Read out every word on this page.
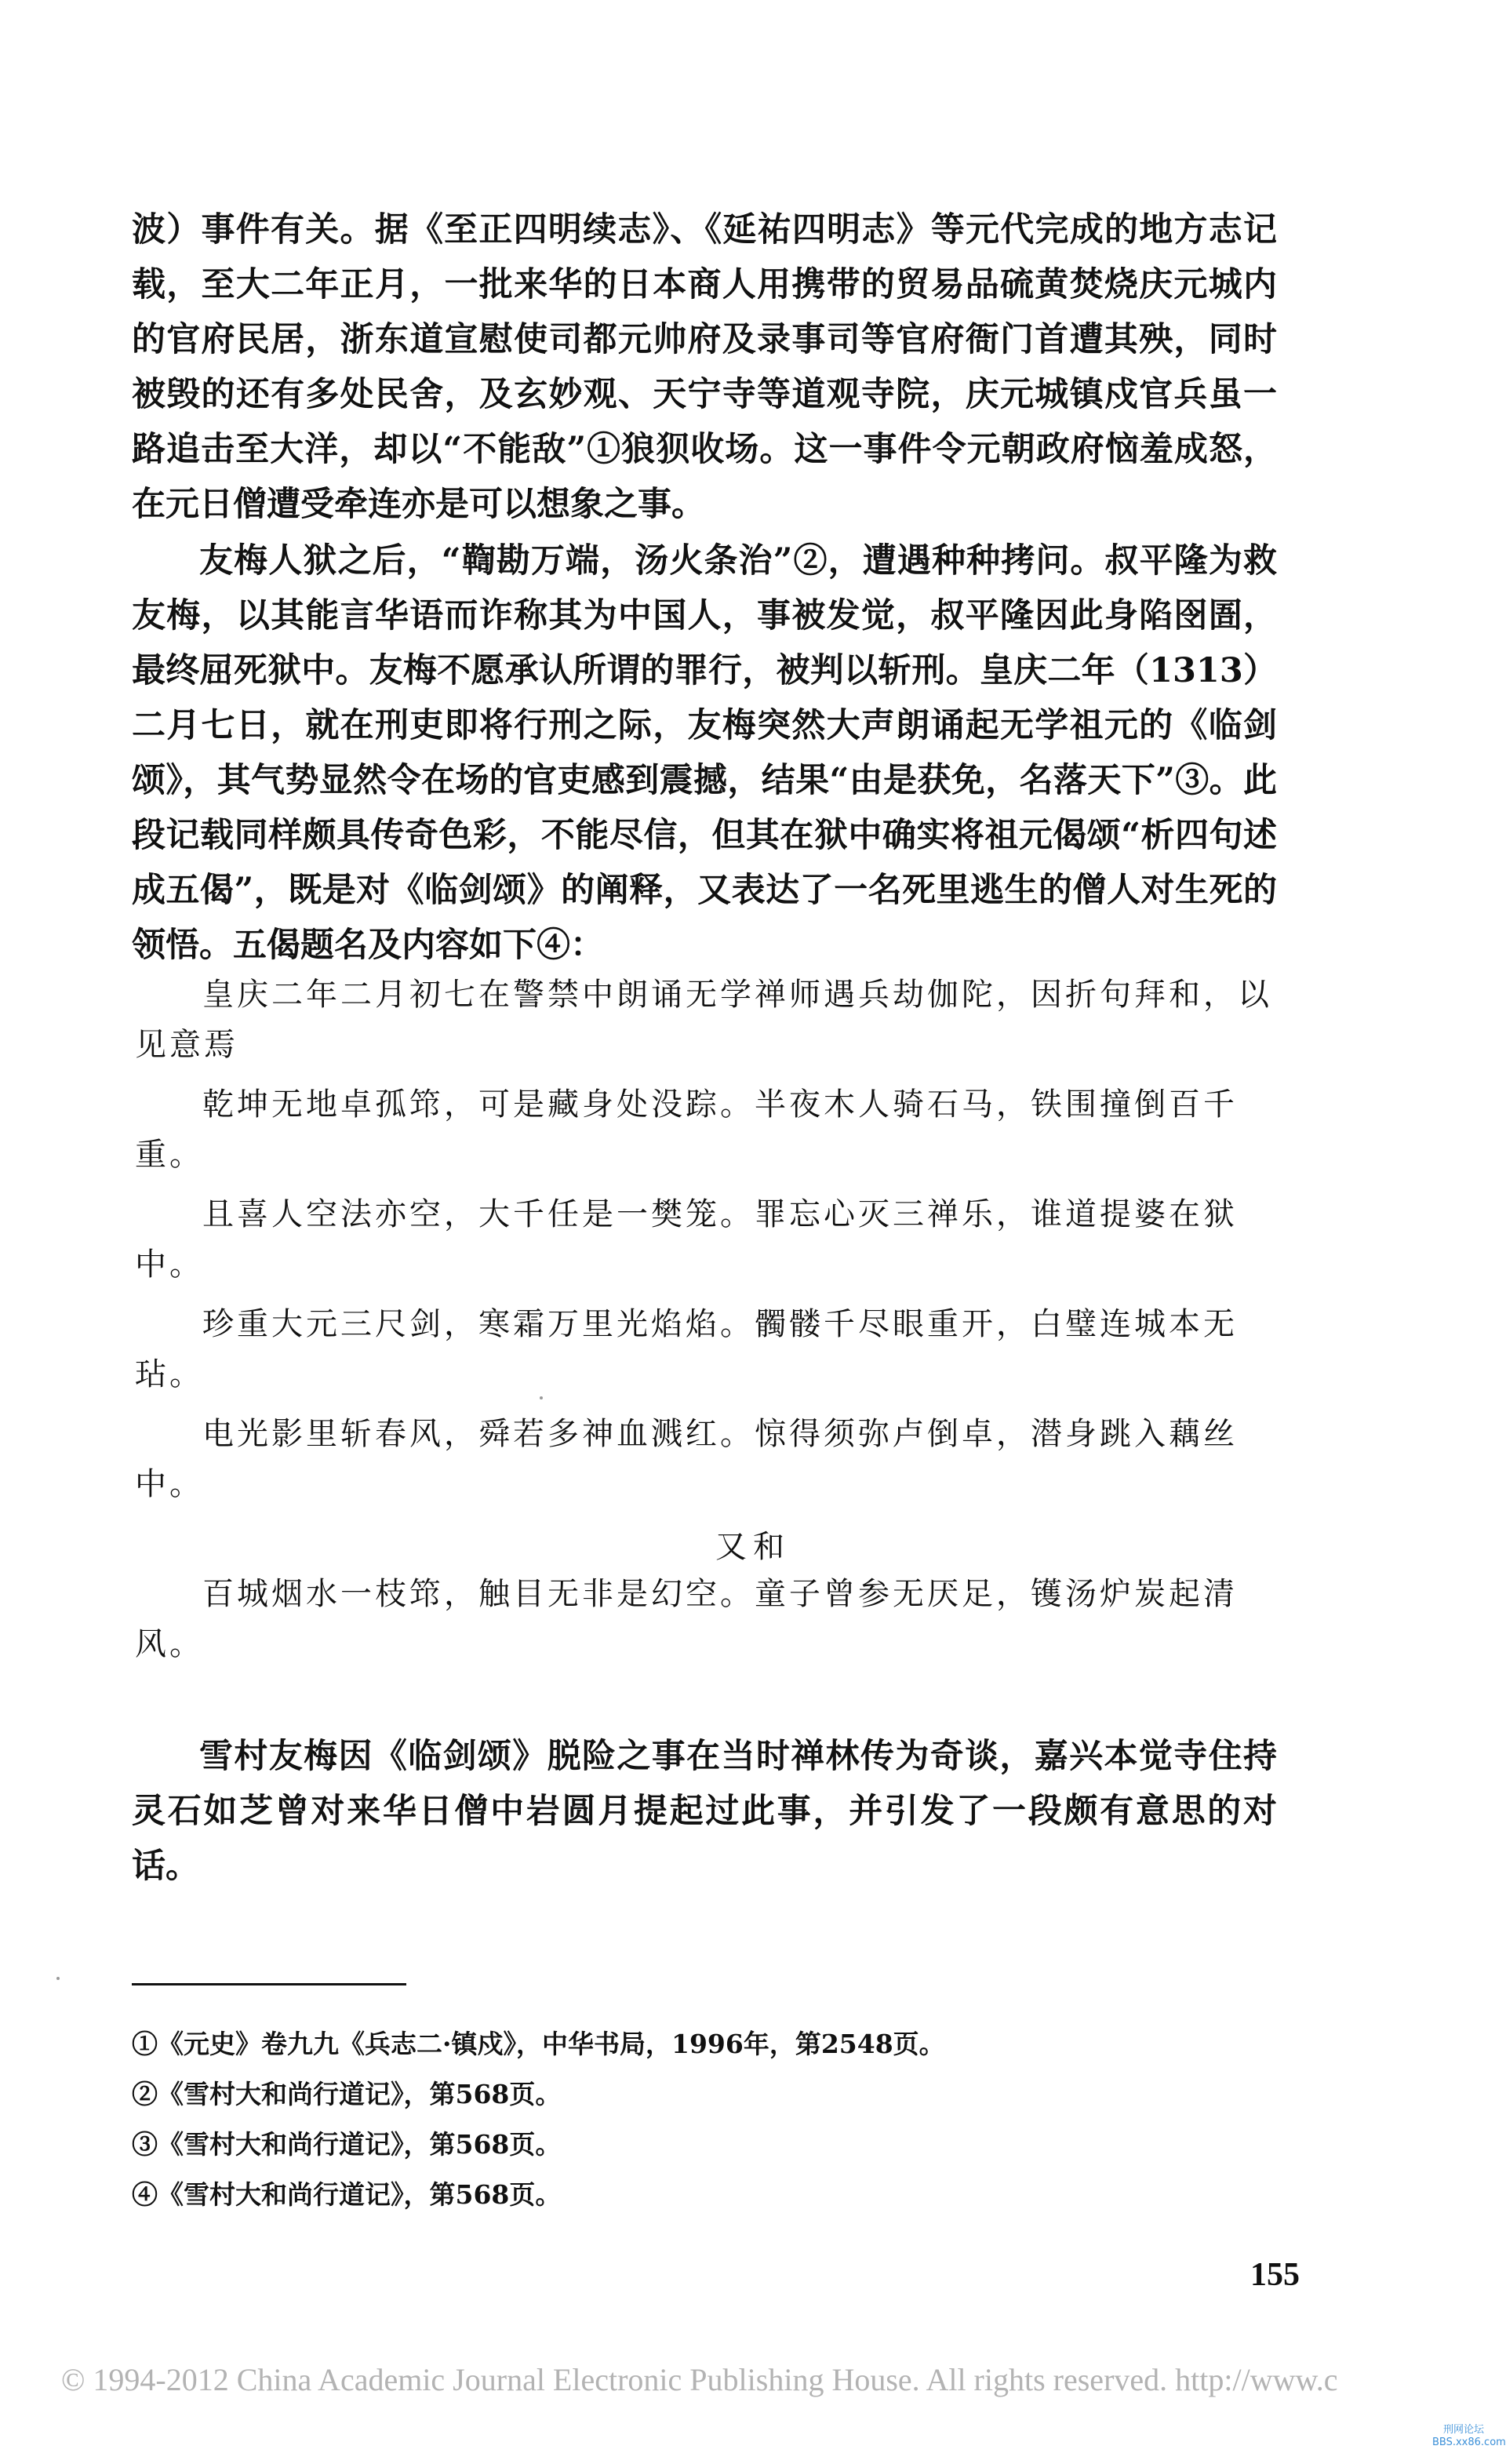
波）事件有关。据《至正四明续志》、《延祐四明志》等元代完成的地方志记载，至大二年正月，一批来华的日本商人用携带的贸易品硫黄焚烧庆元城内的官府民居，浙东道宣慰使司都元帅府及录事司等官府衙门首遭其殃，同时被毁的还有多处民舍，及玄妙观、天宁寺等道观寺院，庆元城镇戍官兵虽一路追击至大洋，却以“不能敌”①狼狈收场。这一事件令元朝政府恼羞成怒，在元日僧遭受牵连亦是可以想象之事。

友梅人狱之后，“鞫勘万端，汤火条治”②，遭遇种种拷问。叔平隆为救友梅，以其能言华语而诈称其为中国人，事被发觉，叔平隆因此身陷囹圄，最终屈死狱中。友梅不愿承认所谓的罪行，被判以斩刑。皇庆二年（1313）二月七日，就在刑吏即将行刑之际，友梅突然大声朗诵起无学祖元的《临剑颂》，其气势显然令在场的官吏感到震撼，结果“由是获免，名落天下”③。此段记载同样颇具传奇色彩，不能尽信，但其在狱中确实将祖元偈颂“析四句述成五偈”，既是对《临剑颂》的阐释，又表达了一名死里逃生的僧人对生死的领悟。五偈题名及内容如下④：

皇庆二年二月初七在警禁中朗诵无学禅师遇兵劫伽陀，因折句拜和，以见意焉

乾坤无地卓孤筇，可是藏身处没踪。半夜木人骑石马，铁围撞倒百千重。

且喜人空法亦空，大千任是一樊笼。罪忘心灭三禅乐，谁道提婆在狱中。

珍重大元三尺剑，寒霜万里光焰焰。髑髅千尽眼重开，白璧连城本无玷。

电光影里斩春风，舜若多神血溅红。惊得须弥卢倒卓，潜身跳入藕丝中。

又和

百城烟水一枝筇，触目无非是幻空。童子曾参无厌足，镬汤炉炭起清风。

雪村友梅因《临剑颂》脱险之事在当时禅林传为奇谈，嘉兴本觉寺住持灵石如芝曾对来华日僧中岩圆月提起过此事，并引发了一段颇有意思的对话。

①《元史》卷九九《兵志二·镇戍》，中华书局，1996年，第2548页。
②《雪村大和尚行道记》，第568页。
③《雪村大和尚行道记》，第568页。
④《雪村大和尚行道记》，第568页。
155
© 1994-2012 China Academic Journal Electronic Publishing House. All rights reserved. http://www.c
刑网论坛
BBS.xx86.com
